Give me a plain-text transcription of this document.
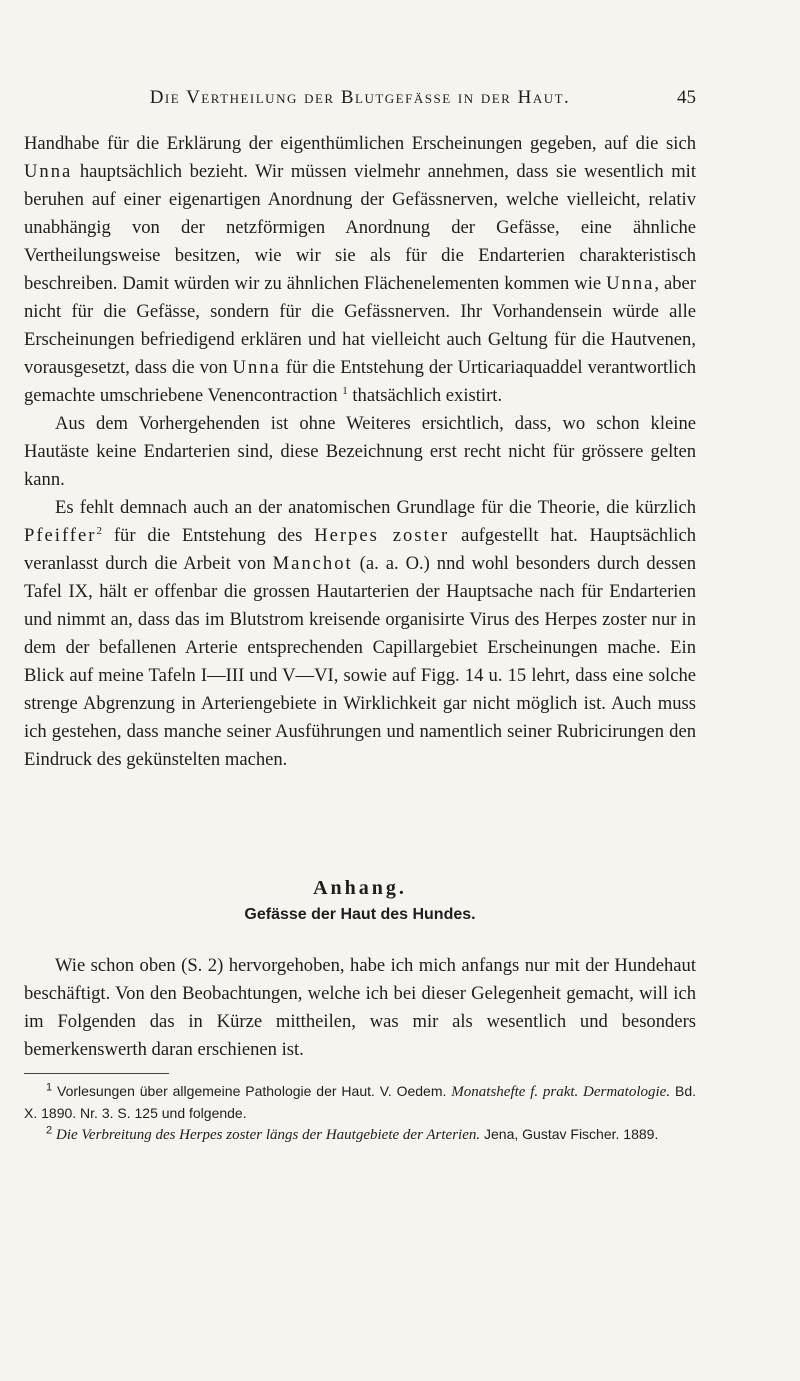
Die Vertheilung der Blutgefässe in der Haut.	45

Handhabe für die Erklärung der eigenthümlichen Erscheinungen gegeben, auf die sich Unna hauptsächlich bezieht. Wir müssen vielmehr annehmen, dass sie wesentlich mit beruhen auf einer eigenartigen Anordnung der Gefässnerven, welche vielleicht, relativ unabhängig von der netzförmigen Anordnung der Gefässe, eine ähnliche Vertheilungsweise besitzen, wie wir sie als für die Endarterien charakteristisch beschreiben. Damit würden wir zu ähnlichen Flächenelementen kommen wie Unna, aber nicht für die Gefässe, sondern für die Gefässnerven. Ihr Vorhandensein würde alle Erscheinungen befriedigend erklären und hat vielleicht auch Geltung für die Hautvenen, vorausgesetzt, dass die von Unna für die Entstehung der Urticariaquaddel verantwortlich gemachte umschriebene Venencontraction $^1$ thatsächlich existirt.

Aus dem Vorhergehenden ist ohne Weiteres ersichtlich, dass, wo schon kleine Hautäste keine Endarterien sind, diese Bezeichnung erst recht nicht für grössere gelten kann.

Es fehlt demnach auch an der anatomischen Grundlage für die Theorie, die kürzlich Pfeiffer$^2$ für die Entstehung des Herpes zoster aufgestellt hat. Hauptsächlich veranlasst durch die Arbeit von Manchot (a. a. O.) nnd wohl besonders durch dessen Tafel IX, hält er offenbar die grossen Hautarterien der Hauptsache nach für Endarterien und nimmt an, dass das im Blutstrom kreisende organisirte Virus des Herpes zoster nur in dem der befallenen Arterie entsprechenden Capillargebiet Erscheinungen mache. Ein Blick auf meine Tafeln I—III und V—VI, sowie auf Figg. 14 u. 15 lehrt, dass eine solche strenge Abgrenzung in Arteriengebiete in Wirklichkeit gar nicht möglich ist. Auch muss ich gestehen, dass manche seiner Ausführungen und namentlich seiner Rubricirungen den Eindruck des gekünstelten machen.

Anhang.

Gefässe der Haut des Hundes.

Wie schon oben (S. 2) hervorgehoben, habe ich mich anfangs nur mit der Hundehaut beschäftigt. Von den Beobachtungen, welche ich bei dieser Gelegenheit gemacht, will ich im Folgenden das in Kürze mittheilen, was mir als wesentlich und besonders bemerkenswerth daran erschienen ist.

$^1$ Vorlesungen über allgemeine Pathologie der Haut. V. Oedem. Monatshefte f. prakt. Dermatologie. Bd. X. 1890. Nr. 3. S. 125 und folgende.

$^2$ Die Verbreitung des Herpes zoster längs der Hautgebiete der Arterien. Jena, Gustav Fischer. 1889.
